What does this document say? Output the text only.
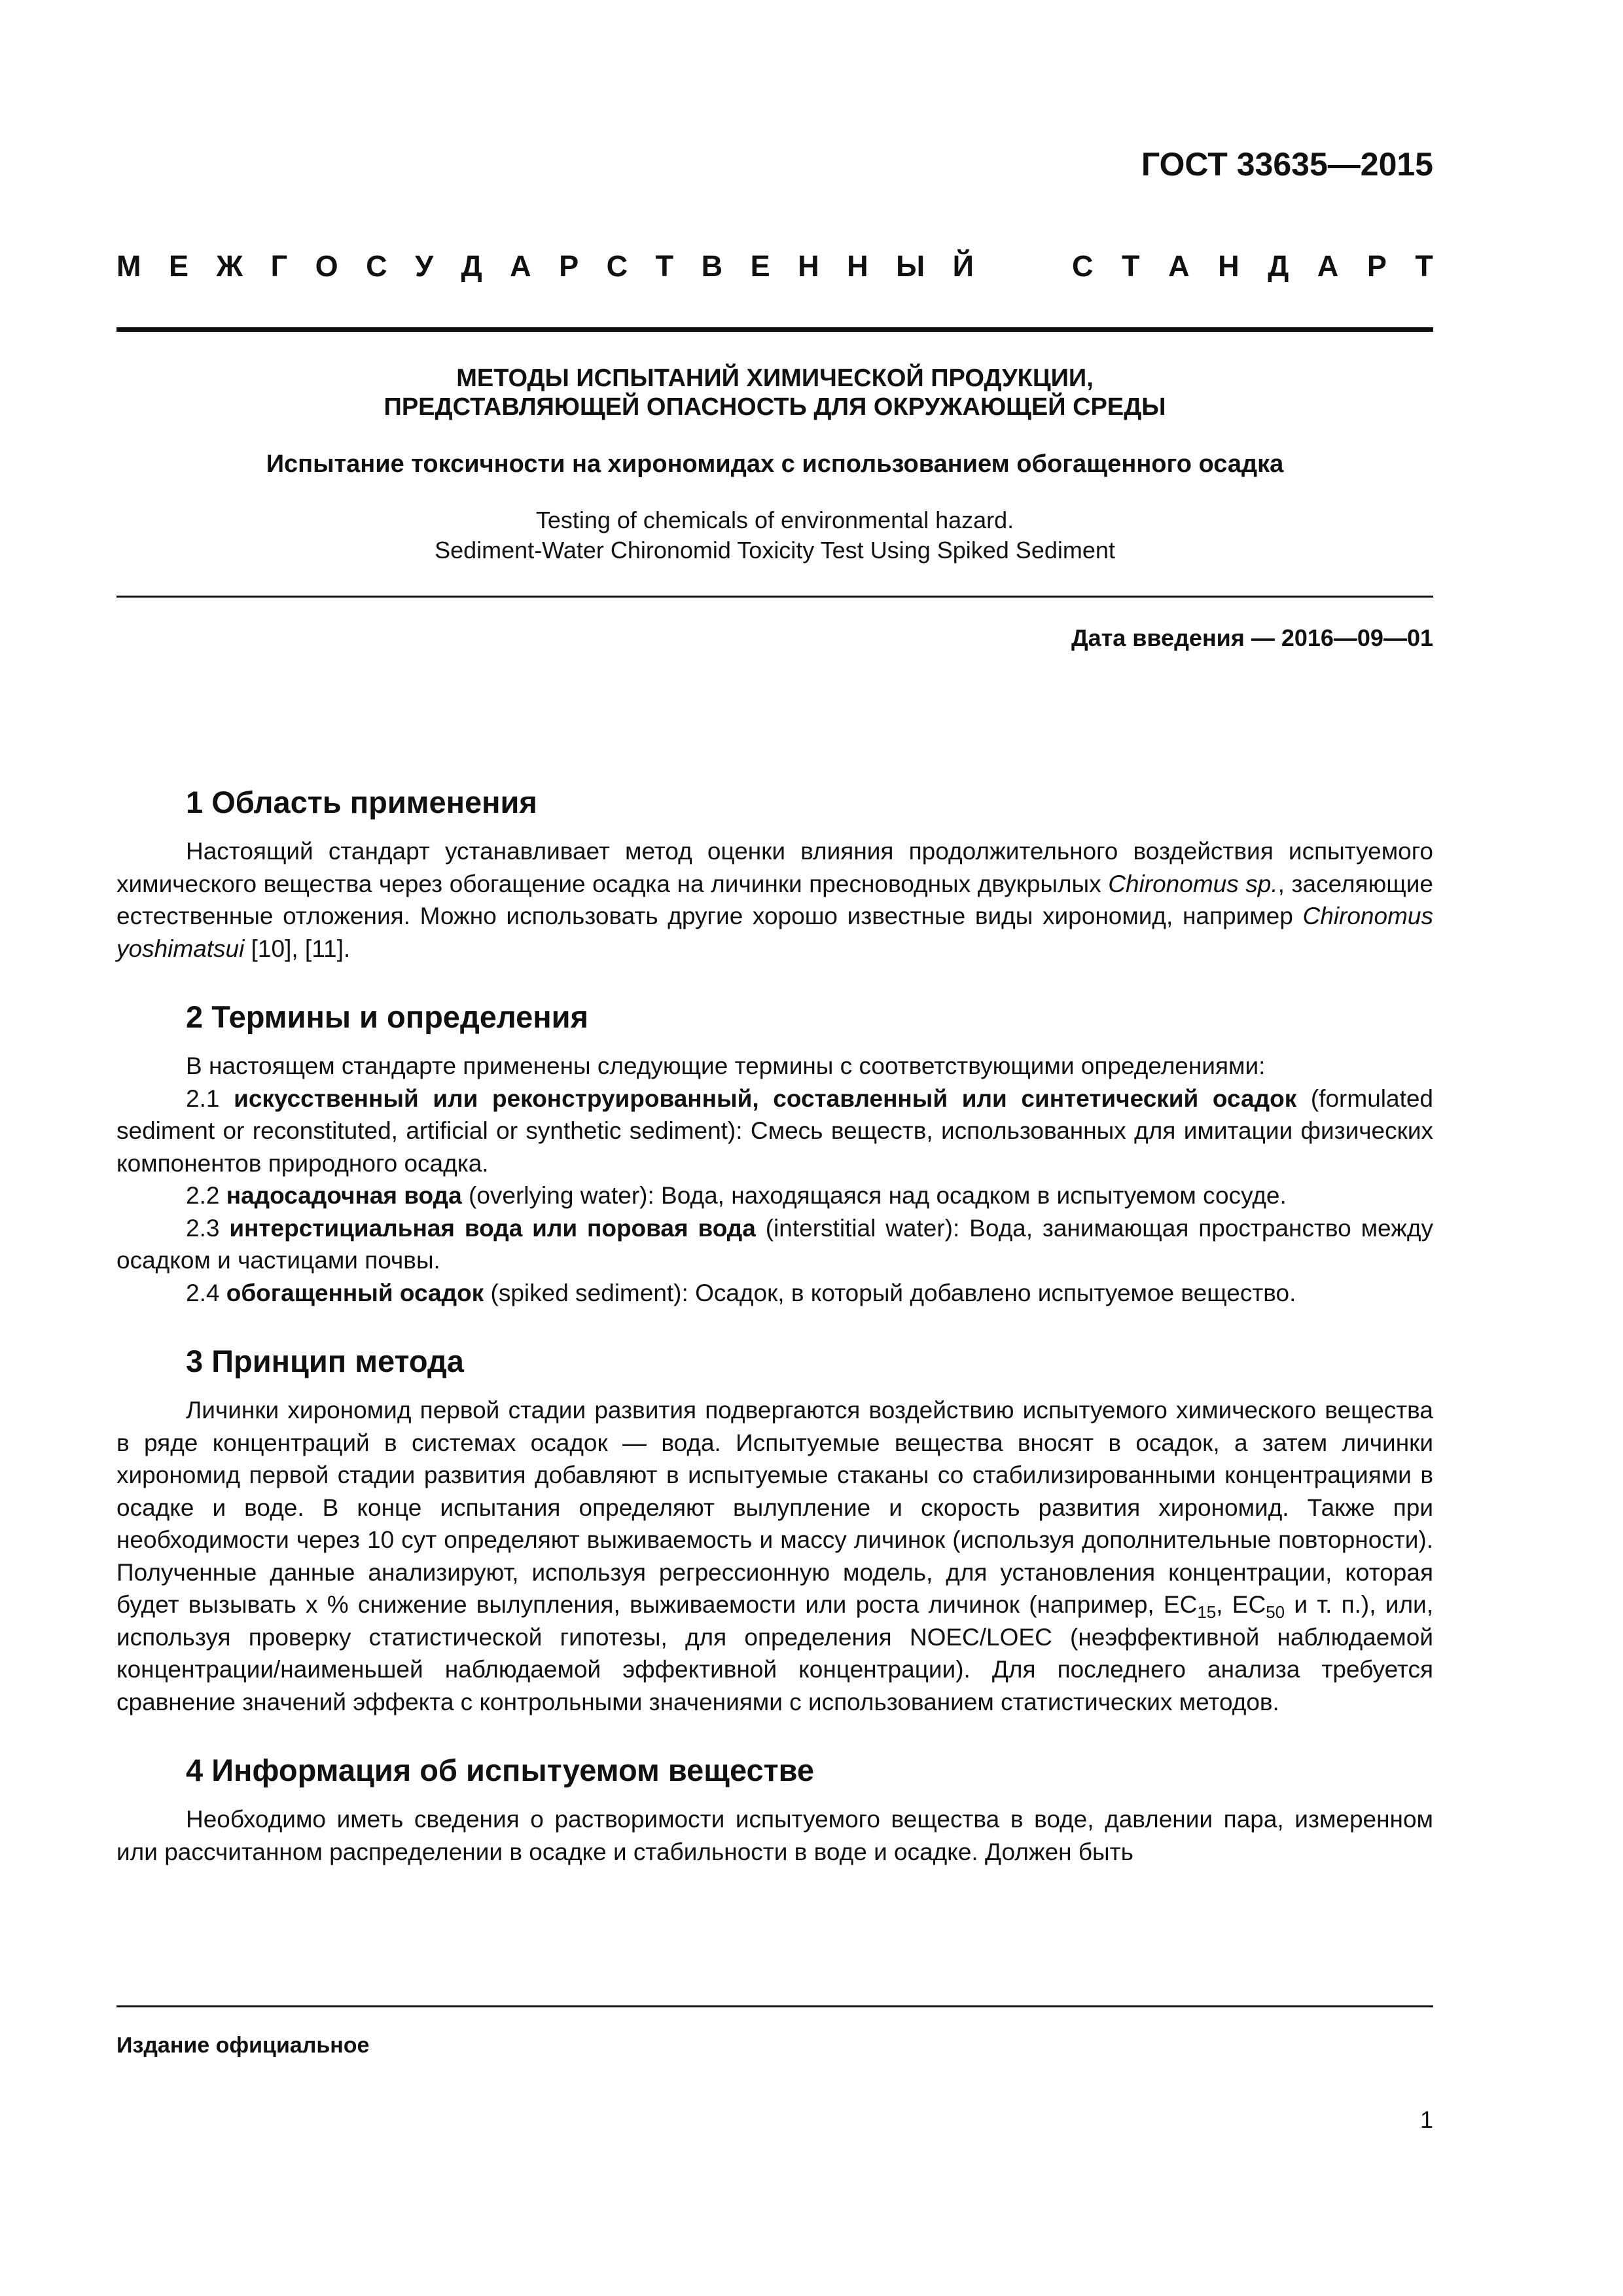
ГОСТ 33635—2015
М Е Ж Г О С У Д А Р С Т В Е Н Н Ы Й	С Т А Н Д А Р Т
МЕТОДЫ ИСПЫТАНИЙ ХИМИЧЕСКОЙ ПРОДУКЦИИ,
ПРЕДСТАВЛЯЮЩЕЙ ОПАСНОСТЬ ДЛЯ ОКРУЖАЮЩЕЙ СРЕДЫ
Испытание токсичности на хирономидах с использованием обогащенного осадка
Testing of chemicals of environmental hazard.
Sediment-Water Chironomid Toxicity Test Using Spiked Sediment
Дата введения — 2016—09—01
1 Область применения

Настоящий стандарт устанавливает метод оценки влияния продолжительного воздействия испытуемого химического вещества через обогащение осадка на личинки пресноводных двукрылых Chironomus sp., заселяющие естественные отложения. Можно использовать другие хорошо известные виды хирономид, например Chironomus yoshimatsui [10], [11].

2 Термины и определения

В настоящем стандарте применены следующие термины с соответствующими определениями:

2.1 искусственный или реконструированный, составленный или синтетический осадок (formulated sediment or reconstituted, artificial or synthetic sediment): Смесь веществ, использованных для имитации физических компонентов природного осадка.

2.2 надосадочная вода (overlying water): Вода, находящаяся над осадком в испытуемом сосуде.

2.3 интерстициальная вода или поровая вода (interstitial water): Вода, занимающая пространство между осадком и частицами почвы.

2.4 обогащенный осадок (spiked sediment): Осадок, в который добавлено испытуемое вещество.

3 Принцип метода

Личинки хирономид первой стадии развития подвергаются воздействию испытуемого химического вещества в ряде концентраций в системах осадок — вода. Испытуемые вещества вносят в осадок, а затем личинки хирономид первой стадии развития добавляют в испытуемые стаканы со стабилизированными концентрациями в осадке и воде. В конце испытания определяют вылупление и скорость развития хирономид. Также при необходимости через 10 сут определяют выживаемость и массу личинок (используя дополнительные повторности). Полученные данные анализируют, используя регрессионную модель, для установления концентрации, которая будет вызывать x % снижение вылупления, выживаемости или роста личинок (например, $EC_{15}$, $EC_{50}$ и т. п.), или, используя проверку статистической гипотезы, для определения NOEC/LOEC (неэффективной наблюдаемой концентрации/наименьшей наблюдаемой эффективной концентрации). Для последнего анализа требуется сравнение значений эффекта с контрольными значениями с использованием статистических методов.

4 Информация об испытуемом веществе

Необходимо иметь сведения о растворимости испытуемого вещества в воде, давлении пара, измеренном или рассчитанном распределении в осадке и стабильности в воде и осадке. Должен быть

Издание официальное
1
